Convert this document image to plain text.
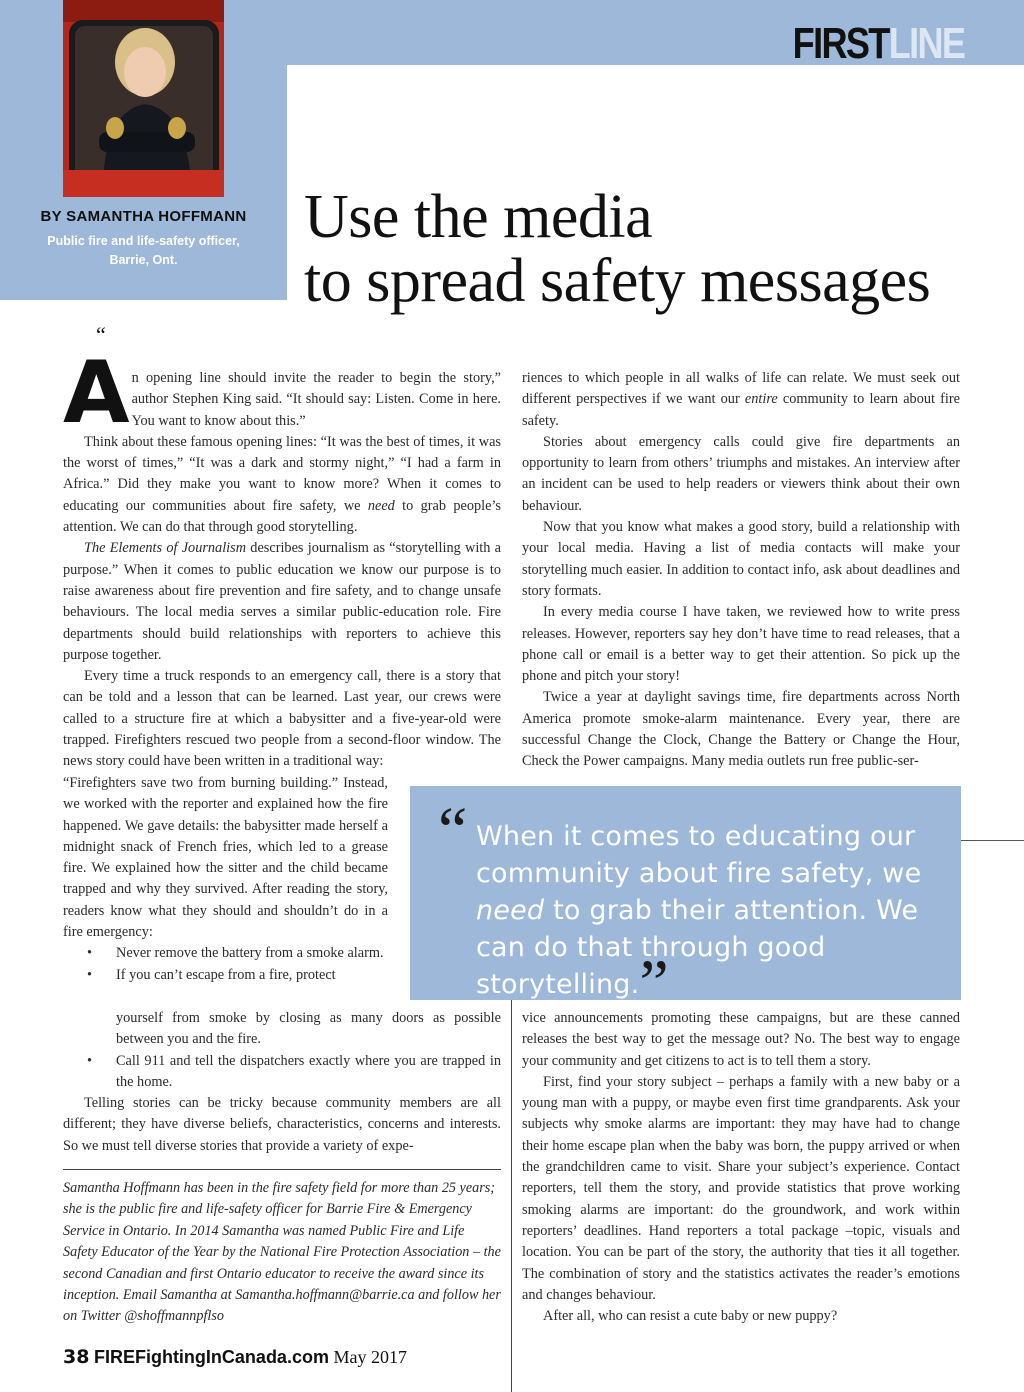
FIRSTLINE
BY SAMANTHA HOFFMANN
Public fire and life-safety officer,
Barrie, Ont.
Use the media
to spread safety messages
“

An opening line should invite the reader to begin the story,” author Stephen King said. “It should say: Listen. Come in here. You want to know about this.”

Think about these famous opening lines: “It was the best of times, it was the worst of times,” “It was a dark and stormy night,” “I had a farm in Africa.” Did they make you want to know more? When it comes to educating our communities about fire safety, we need to grab people’s attention. We can do that through good storytelling.

The Elements of Journalism describes journalism as “storytelling with a purpose.” When it comes to public education we know our purpose is to raise awareness about fire prevention and fire safety, and to change unsafe behaviours. The local media serves a similar public-education role. Fire departments should build relationships with reporters to achieve this purpose together.

Every time a truck responds to an emergency call, there is a story that can be told and a lesson that can be learned. Last year, our crews were called to a structure fire at which a babysitter and a five-year-old were trapped. Firefighters rescued two people from a second-floor window. The news story could have been written in a traditional way:

“Firefighters save two from burning building.” Instead, we worked with the reporter and explained how the fire happened. We gave details: the babysitter made herself a midnight snack of French fries, which led to a grease fire. We explained how the sitter and the child became trapped and why they survived. After reading the story, readers know what they should and shouldn’t do in a fire emergency:

• Never remove the battery from a smoke alarm.
• If you can’t escape from a fire, protect
yourself from smoke by closing as many doors as possible between you and the fire.
• Call 911 and tell the dispatchers exactly where you are trapped in the home.

Telling stories can be tricky because community members are all different; they have diverse beliefs, characteristics, concerns and interests. So we must tell diverse stories that provide a variety of expe-

riences to which people in all walks of life can relate. We must seek out different perspectives if we want our entire community to learn about fire safety.

Stories about emergency calls could give fire departments an opportunity to learn from others’ triumphs and mistakes. An interview after an incident can be used to help readers or viewers think about their own behaviour.

Now that you know what makes a good story, build a relationship with your local media. Having a list of media contacts will make your storytelling much easier. In addition to contact info, ask about deadlines and story formats.

In every media course I have taken, we reviewed how to write press releases. However, reporters say hey don’t have time to read releases, that a phone call or email is a better way to get their attention. So pick up the phone and pitch your story!

Twice a year at daylight savings time, fire departments across North America promote smoke-alarm maintenance. Every year, there are successful Change the Clock, Change the Battery or Change the Hour, Check the Power campaigns. Many media outlets run free public-ser-

“ When it comes to educating our community about fire safety, we need to grab their attention. We can do that through good storytelling.”

vice announcements promoting these campaigns, but are these canned releases the best way to get the message out? No. The best way to engage your community and get citizens to act is to tell them a story.

First, find your story subject – perhaps a family with a new baby or a young man with a puppy, or maybe even first time grandparents. Ask your subjects why smoke alarms are important: they may have had to change their home escape plan when the baby was born, the puppy arrived or when the grandchildren came to visit. Share your subject’s experience. Contact reporters, tell them the story, and provide statistics that prove working smoking alarms are important: do the groundwork, and work within reporters’ deadlines. Hand reporters a total package –topic, visuals and location. You can be part of the story, the authority that ties it all together. The combination of story and the statistics activates the reader’s emotions and changes behaviour.

After all, who can resist a cute baby or new puppy?

Samantha Hoffmann has been in the fire safety field for more than 25 years; she is the public fire and life-safety officer for Barrie Fire & Emergency Service in Ontario. In 2014 Samantha was named Public Fire and Life Safety Educator of the Year by the National Fire Protection Association – the second Canadian and first Ontario educator to receive the award since its inception. Email Samantha at Samantha.hoffmann@barrie.ca and follow her on Twitter @shoffmannpflso
38 FIREFightingInCanada.com May 2017
